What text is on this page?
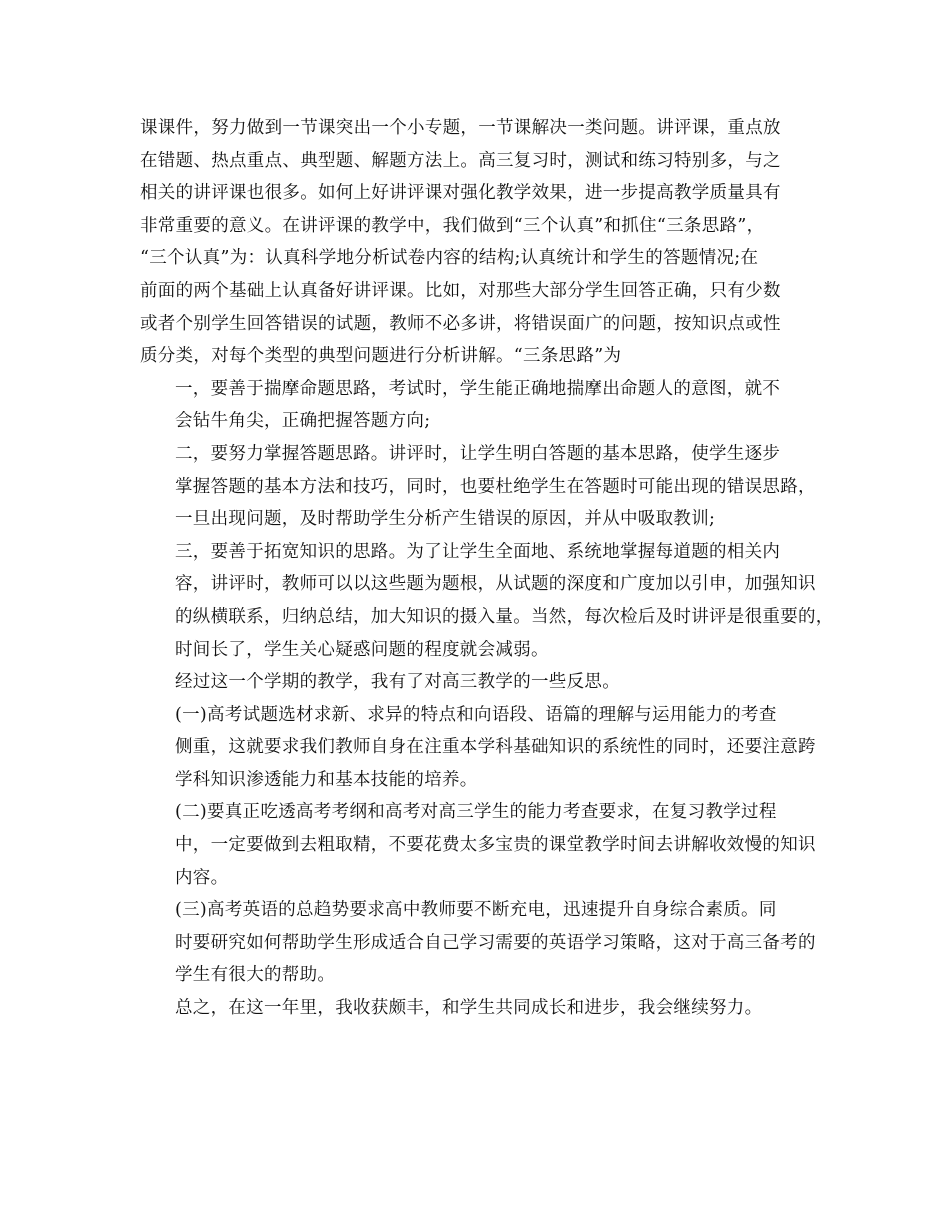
课课件，努力做到一节课突出一个小专题，一节课解决一类问题。讲评课，重点放
在错题、热点重点、典型题、解题方法上。高三复习时，测试和练习特别多，与之
相关的讲评课也很多。如何上好讲评课对强化教学效果，进一步提高教学质量具有
非常重要的意义。在讲评课的教学中，我们做到“三个认真”和抓住“三条思路”，
“三个认真”为：认真科学地分析试卷内容的结构;认真统计和学生的答题情况;在
前面的两个基础上认真备好讲评课。比如，对那些大部分学生回答正确，只有少数
或者个别学生回答错误的试题，教师不必多讲，将错误面广的问题，按知识点或性
质分类，对每个类型的典型问题进行分析讲解。“三条思路”为
一，要善于揣摩命题思路，考试时，学生能正确地揣摩出命题人的意图，就不
会钻牛角尖，正确把握答题方向;
二，要努力掌握答题思路。讲评时，让学生明白答题的基本思路，使学生逐步
掌握答题的基本方法和技巧，同时，也要杜绝学生在答题时可能出现的错误思路，
一旦出现问题，及时帮助学生分析产生错误的原因，并从中吸取教训;
三，要善于拓宽知识的思路。为了让学生全面地、系统地掌握每道题的相关内
容，讲评时，教师可以以这些题为题根，从试题的深度和广度加以引申，加强知识
的纵横联系，归纳总结，加大知识的摄入量。当然，每次检后及时讲评是很重要的，
时间长了，学生关心疑惑问题的程度就会减弱。
经过这一个学期的教学，我有了对高三教学的一些反思。
(一)高考试题选材求新、求异的特点和向语段、语篇的理解与运用能力的考查
侧重，这就要求我们教师自身在注重本学科基础知识的系统性的同时，还要注意跨
学科知识渗透能力和基本技能的培养。
(二)要真正吃透高考考纲和高考对高三学生的能力考查要求，在复习教学过程
中，一定要做到去粗取精，不要花费太多宝贵的课堂教学时间去讲解收效慢的知识
内容。
(三)高考英语的总趋势要求高中教师要不断充电，迅速提升自身综合素质。同
时要研究如何帮助学生形成适合自己学习需要的英语学习策略，这对于高三备考的
学生有很大的帮助。
总之，在这一年里，我收获颇丰，和学生共同成长和进步，我会继续努力。
